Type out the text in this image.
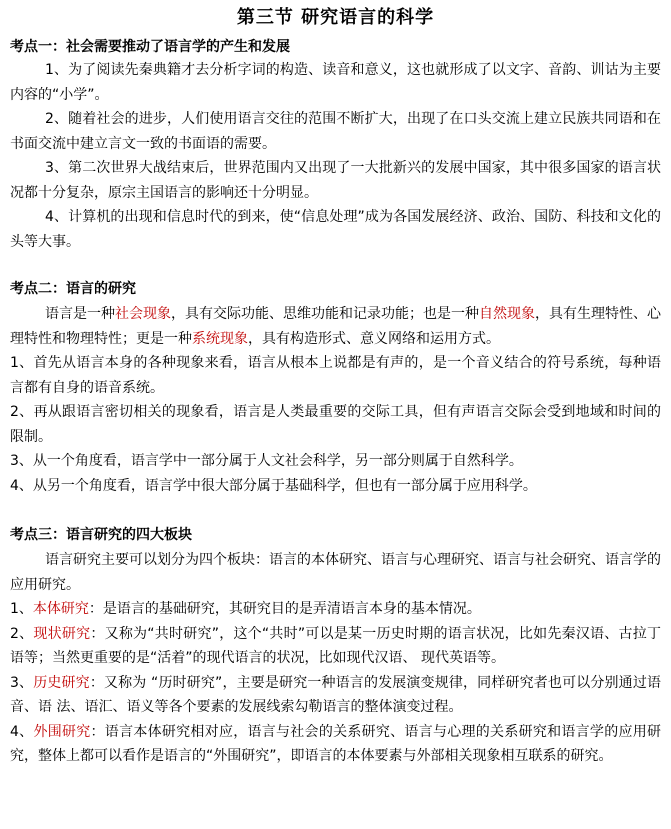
第三节 研究语言的科学
考点一：社会需要推动了语言学的产生和发展

1、为了阅读先秦典籍才去分析字词的构造、读音和意义，这也就形成了以文字、音韵、训诂为主要 内容的“小学”。

2、随着社会的进步，人们使用语言交往的范围不断扩大，出现了在口头交流上建立民族共同语和在书面交流中建立言文一致的书面语的需要。

3、第二次世界大战结束后，世界范围内又出现了一大批新兴的发展中国家，其中很多国家的语言状况都十分复杂，原宗主国语言的影响还十分明显。

4、计算机的出现和信息时代的到来，使“信息处理”成为各国发展经济、政治、国防、科技和文化的头等大事。

考点二：语言的研究

语言是一种社会现象，具有交际功能、思维功能和记录功能；也是一种自然现象，具有生理特性、心理特性和物理特性；更是一种系统现象，具有构造形式、意义网络和运用方式。

1、首先从语言本身的各种现象来看，语言从根本上说都是有声的，是一个音义结合的符号系统，每种语言都有自身的语音系统。

2、再从跟语言密切相关的现象看，语言是人类最重要的交际工具，但有声语言交际会受到地域和时间的限制。

3、从一个角度看，语言学中一部分属于人文社会科学，另一部分则属于自然科学。

4、从另一个角度看，语言学中很大部分属于基础科学，但也有一部分属于应用科学。

考点三：语言研究的四大板块

语言研究主要可以划分为四个板块：语言的本体研究、语言与心理研究、语言与社会研究、语言学的应用研究。

1、本体研究：是语言的基础研究，其研究目的是弄清语言本身的基本情况。

2、现状研究：又称为“共时研究”，这个“共时”可以是某一历史时期的语言状况，比如先秦汉语、古拉丁语等；当然更重要的是“活着”的现代语言的状况，比如现代汉语、 现代英语等。

3、历史研究：又称为 “历时研究”，主要是研究一种语言的发展演变规律，同样研究者也可以分别通过语音、语 法、语汇、语义等各个要素的发展线索勾勒语言的整体演变过程。

4、外围研究：语言本体研究相对应，语言与社会的关系研究、语言与心理的关系研究和语言学的应用研究，整体上都可以看作是语言的“外围研究”，即语言的本体要素与外部相关现象相互联系的研究。
